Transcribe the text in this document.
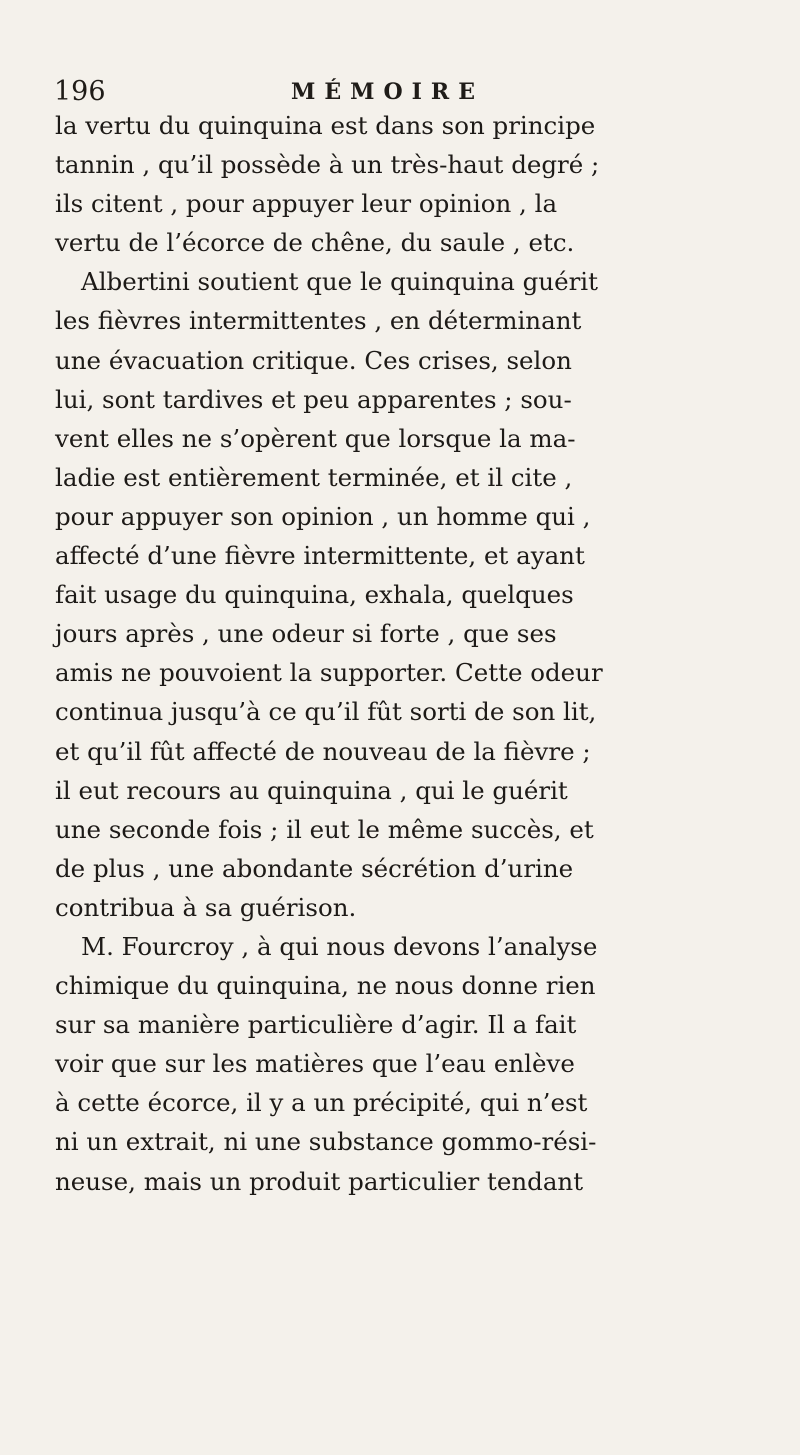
196	MÉMOIRE
la vertu du quinquina est dans son principe
tannin , qu’il possède à un très-haut degré ;
ils citent , pour appuyer leur opinion , la
vertu de l’écorce de chêne, du saule , etc.
Albertini soutient que le quinquina guérit
les fièvres intermittentes , en déterminant
une évacuation critique. Ces crises, selon
lui, sont tardives et peu apparentes ; sou-
vent elles ne s’opèrent que lorsque la ma-
ladie est entièrement terminée, et il cite ,
pour appuyer son opinion , un homme qui ,
affecté d’une fièvre intermittente, et ayant
fait usage du quinquina, exhala, quelques
jours après , une odeur si forte , que ses
amis ne pouvoient la supporter. Cette odeur
continua jusqu’à ce qu’il fût sorti de son lit,
et qu’il fût affecté de nouveau de la fièvre ;
il eut recours au quinquina , qui le guérit
une seconde fois ; il eut le même succès, et
de plus , une abondante sécrétion d’urine
contribua à sa guérison.
M. Fourcroy , à qui nous devons l’analyse
chimique du quinquina, ne nous donne rien
sur sa manière particulière d’agir. Il a fait
voir que sur les matières que l’eau enlève
à cette écorce, il y a un précipité, qui n’est
ni un extrait, ni une substance gommo-rési-
neuse, mais un produit particulier tendant
